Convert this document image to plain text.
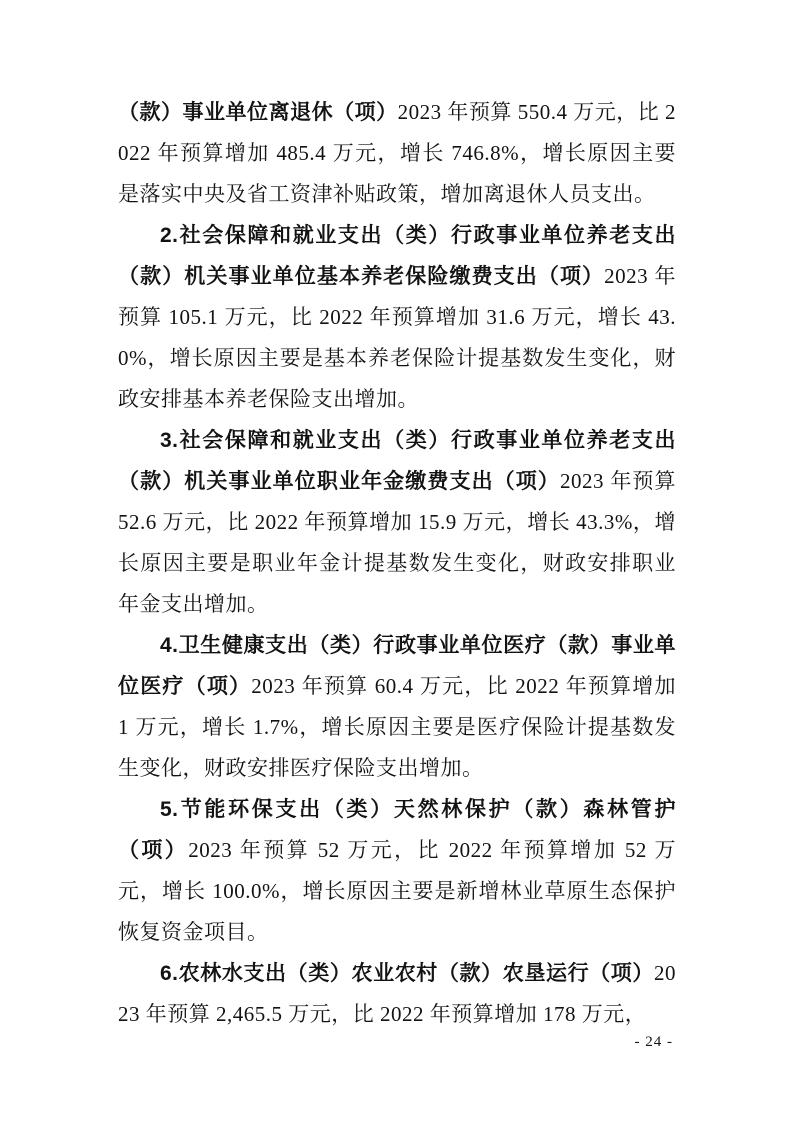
（款）事业单位离退休（项）2023 年预算 550.4 万元，比 2022 年预算增加 485.4 万元，增长 746.8%，增长原因主要是落实中央及省工资津补贴政策，增加离退休人员支出。

2.社会保障和就业支出（类）行政事业单位养老支出（款）机关事业单位基本养老保险缴费支出（项）2023 年预算 105.1 万元，比 2022 年预算增加 31.6 万元，增长 43.0%，增长原因主要是基本养老保险计提基数发生变化，财政安排基本养老保险支出增加。

3.社会保障和就业支出（类）行政事业单位养老支出（款）机关事业单位职业年金缴费支出（项）2023 年预算 52.6 万元，比 2022 年预算增加 15.9 万元，增长 43.3%，增长原因主要是职业年金计提基数发生变化，财政安排职业年金支出增加。

4.卫生健康支出（类）行政事业单位医疗（款）事业单位医疗（项）2023 年预算 60.4 万元，比 2022 年预算增加 1 万元，增长 1.7%，增长原因主要是医疗保险计提基数发生变化，财政安排医疗保险支出增加。

5.节能环保支出（类）天然林保护（款）森林管护（项）2023 年预算 52 万元，比 2022 年预算增加 52 万元，增长 100.0%，增长原因主要是新增林业草原生态保护恢复资金项目。

6.农林水支出（类）农业农村（款）农垦运行（项）2023 年预算 2,465.5 万元，比 2022 年预算增加 178 万元，

- 24 -
